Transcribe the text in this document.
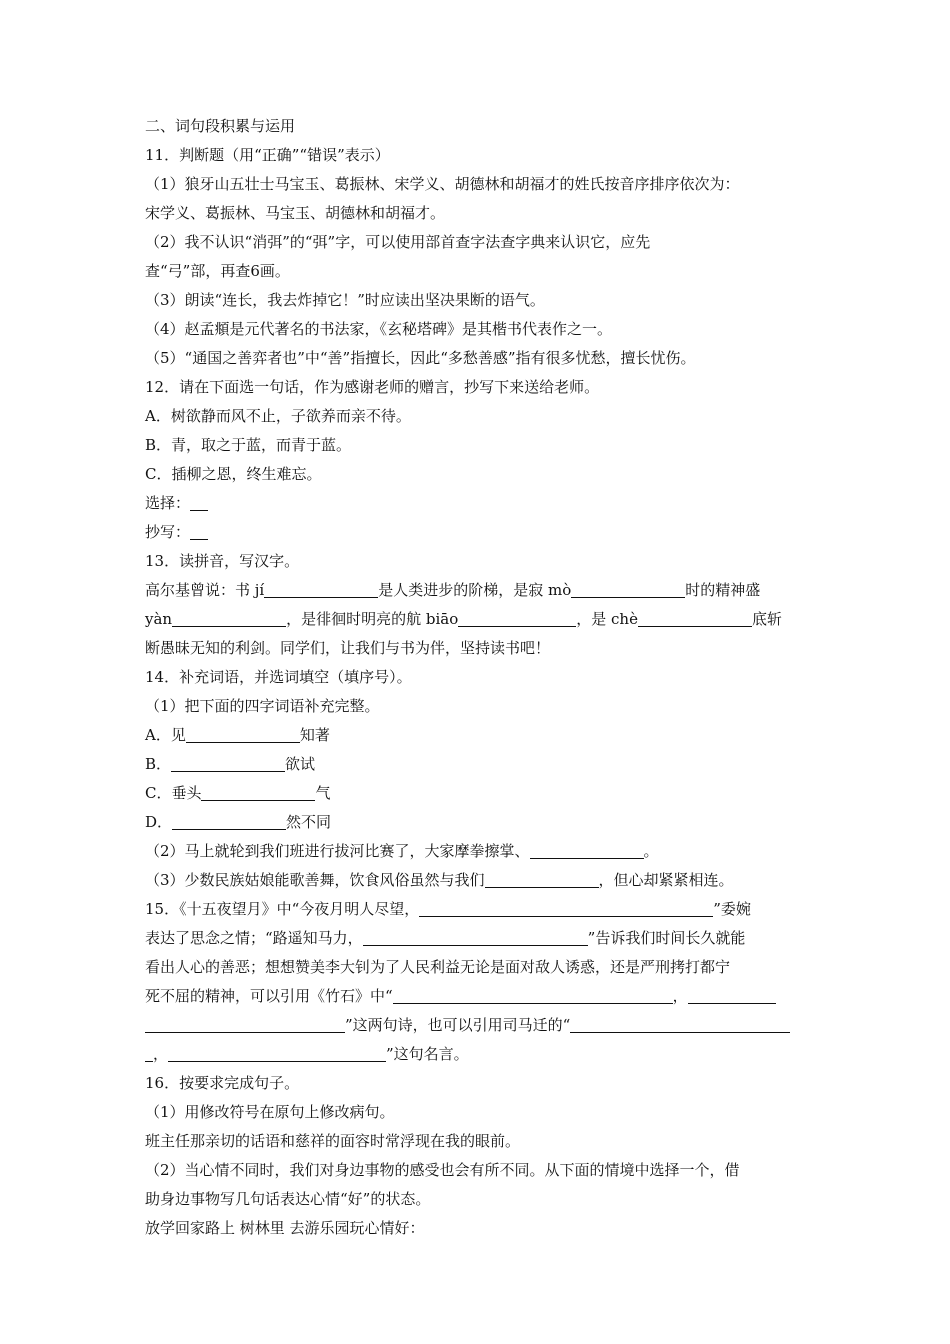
二、词句段积累与运用
11．判断题（用“正确”“错误”表示）
（1）狼牙山五壮士马宝玉、葛振林、宋学义、胡德林和胡福才的姓氏按音序排序依次为：
宋学义、葛振林、马宝玉、胡德林和胡福才。
（2）我不认识“消弭”的“弭”字，可以使用部首查字法查字典来认识它，应先
查“弓”部，再查6画。
（3）朗读“连长，我去炸掉它！”时应读出坚决果断的语气。
（4）赵孟頫是元代著名的书法家，《玄秘塔碑》是其楷书代表作之一。
（5）“通国之善弈者也”中“善”指擅长，因此“多愁善感”指有很多忧愁，擅长忧伤。
12．请在下面选一句话，作为感谢老师的赠言，抄写下来送给老师。
A．树欲静而风不止，子欲养而亲不待。
B．青，取之于蓝，而青于蓝。
C．插柳之恩，终生难忘。
选择：
抄写：
13．读拼音，写汉字。
高尔基曾说：书 jí	是人类进步的阶梯，是寂 mò	时的精神盛
yàn	，是徘徊时明亮的航 biāo	，是 chè	底斩
断愚昧无知的利剑。同学们，让我们与书为伴，坚持读书吧！
14．补充词语，并选词填空（填序号）。
（1）把下面的四字词语补充完整。
A．见	知著
B．	欲试
C．垂头	气
D．	然不同
（2）马上就轮到我们班进行拔河比赛了，大家摩拳擦掌、	。
（3）少数民族姑娘能歌善舞，饮食风俗虽然与我们	，但心却紧紧相连。
15．《十五夜望月》中“今夜月明人尽望，	”委婉
表达了思念之情；“路遥知马力，	”告诉我们时间长久就能
看出人心的善恶；想想赞美李大钊为了人民利益无论是面对敌人诱惑，还是严刑拷打都宁
死不屈的精神，可以引用《竹石》中“	，
”这两句诗，也可以引用司马迁的“
，	”这句名言。
16．按要求完成句子。
（1）用修改符号在原句上修改病句。
班主任那亲切的话语和慈祥的面容时常浮现在我的眼前。
（2）当心情不同时，我们对身边事物的感受也会有所不同。从下面的情境中选择一个，借
助身边事物写几句话表达心情“好”的状态。
放学回家路上 树林里 去游乐园玩心情好：
